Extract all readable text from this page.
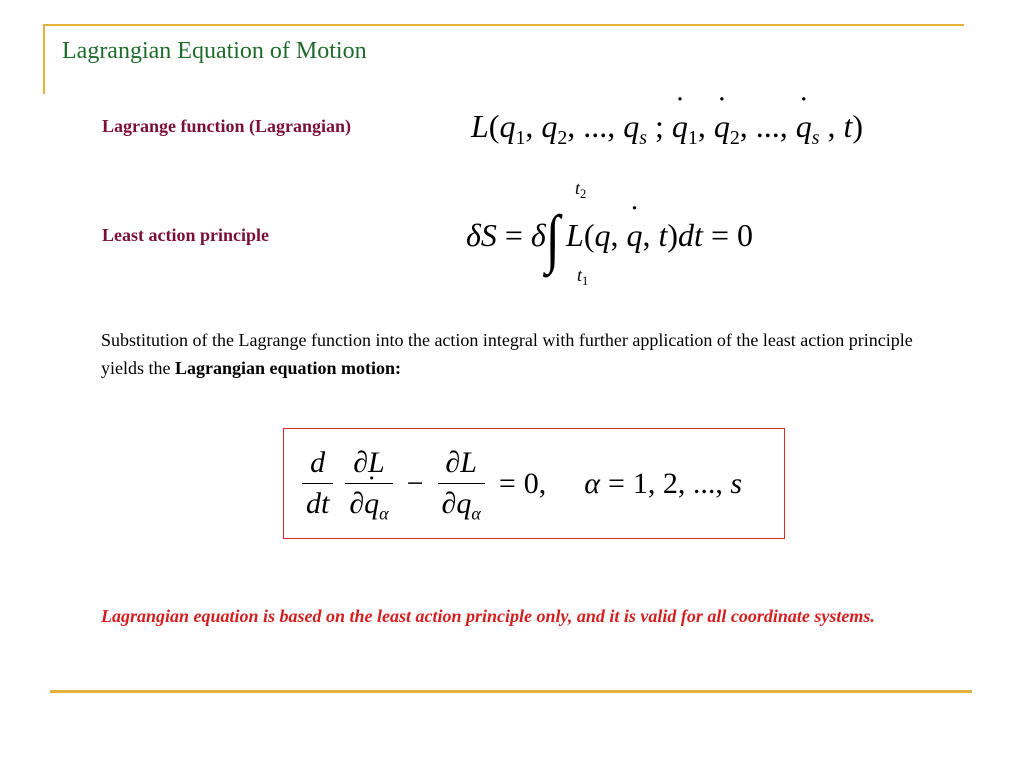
Lagrangian Equation of Motion
Lagrange function (Lagrangian)	$L(q_1$, $q_2$, ..., $q_s$ ; ˙ $q_1$, ˙ $q_2$, ..., ˙ $q_s$ , t)
Least action principle
$t_2$
$t_1$
δS = δ∫ L(q, ˙ q, t)dt = 0
Substitution of the Lagrange function into the action integral with further application of the least action principle yields the Lagrangian equation motion:
$\frac{d}{dt} \frac{\partial L}{\partial˙ q_\alpha} - \frac{\partial L}{\partial q_\alpha} = 0$, α = 1, 2, ..., s
Lagrangian equation is based on the least action principle only, and it is valid for all coordinate systems.
